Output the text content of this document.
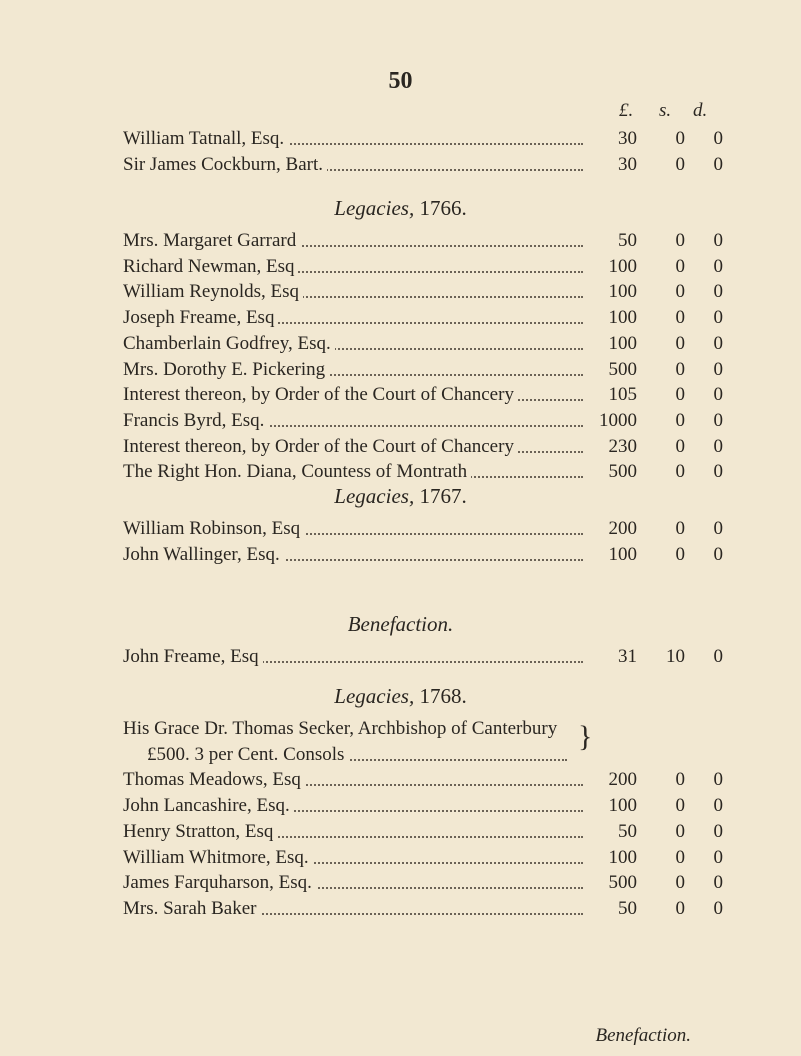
50
£. s. d.
William Tatnall, Esq.	30	0	0
Sir James Cockburn, Bart.	30	0	0
Legacies, 1766.
Mrs. Margaret Garrard	50	0	0
Richard Newman, Esq	100	0	0
William Reynolds, Esq	100	0	0
Joseph Freame, Esq	100	0	0
Chamberlain Godfrey, Esq.	100	0	0
Mrs. Dorothy E. Pickering	500	0	0
Interest thereon, by Order of the Court of Chancery	105	0	0
Francis Byrd, Esq.	1000	0	0
Interest thereon, by Order of the Court of Chancery	230	0	0
The Right Hon. Diana, Countess of Montrath	500	0	0
Legacies, 1767.
William Robinson, Esq	200	0	0
John Wallinger, Esq.	100	0	0
Benefaction.
John Freame, Esq	31	10	0
Legacies, 1768.
His Grace Dr. Thomas Secker, Archbishop of Canterbury
£500. 3 per Cent. Consols
}
Thomas Meadows, Esq	200	0	0
John Lancashire, Esq.	100	0	0
Henry Stratton, Esq	50	0	0
William Whitmore, Esq.	100	0	0
James Farquharson, Esq.	500	0	0
Mrs. Sarah Baker	50	0	0
Benefaction.
